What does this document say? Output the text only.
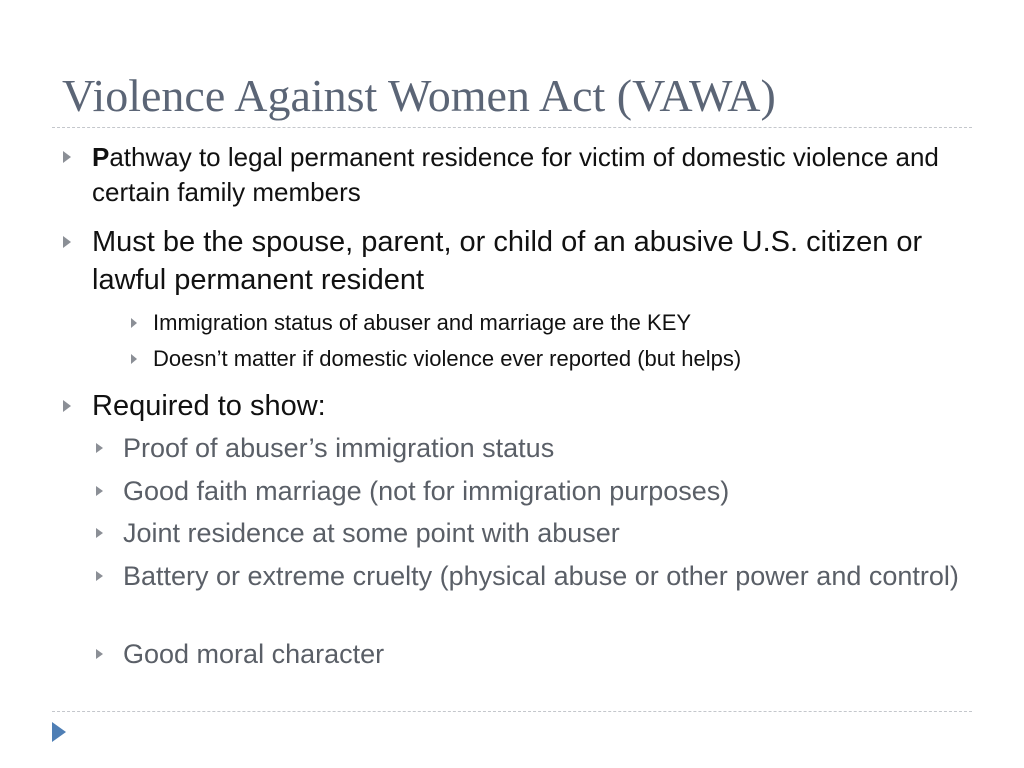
Violence Against Women Act (VAWA)
Pathway to legal permanent residence for victim of domestic violence and certain family members
Must be the spouse, parent, or child of an abusive U.S. citizen or lawful permanent resident
Immigration status of abuser and marriage are the KEY
Doesn’t matter if domestic violence ever reported (but helps)
Required to show:
Proof of abuser’s immigration status
Good faith marriage (not for immigration purposes)
Joint residence at some point with abuser
Battery or extreme cruelty (physical abuse or other power and control)
Good moral character
